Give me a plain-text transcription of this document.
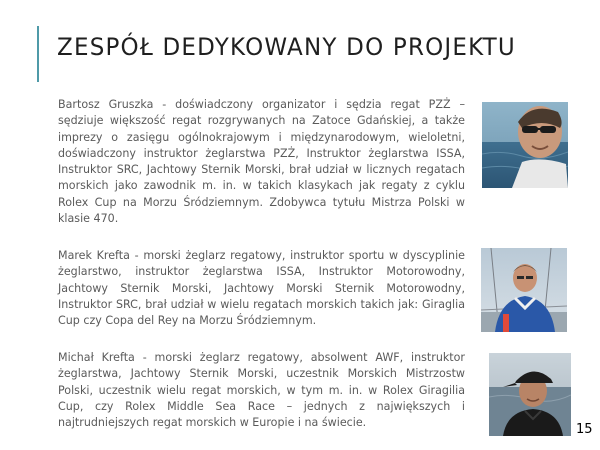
ZESPÓŁ DEDYKOWANY DO PROJEKTU

Bartosz Gruszka - doświadczony organizator i sędzia regat PZŻ – sędziuje większość regat rozgrywanych na Zatoce Gdańskiej, a także imprezy o zasięgu ogólnokrajowym i międzynarodowym, wieloletni, doświadczony instruktor żeglarstwa PZŻ, Instruktor żeglarstwa ISSA, Instruktor SRC, Jachtowy Sternik Morski, brał udział w licznych regatach morskich jako zawodnik m. in. w takich klasykach jak regaty z cyklu Rolex Cup na Morzu Śródziemnym. Zdobywca tytułu Mistrza Polski w klasie 470.

Marek Krefta - morski żeglarz regatowy, instruktor sportu w dyscyplinie żeglarstwo, instruktor żeglarstwa ISSA, Instruktor Motorowodny, Jachtowy Sternik Morski, Jachtowy Morski Sternik Motorowodny, Instruktor SRC, brał udział w wielu regatach morskich takich jak: Giraglia Cup czy Copa del Rey na Morzu Śródziemnym.

Michał Krefta - morski żeglarz regatowy, absolwent AWF, instruktor żeglarstwa, Jachtowy Sternik Morski, uczestnik Morskich Mistrzostw Polski, uczestnik wielu regat morskich, w tym m. in. w Rolex Giragilia Cup, czy Rolex Middle Sea Race – jednych z największych i najtrudniejszych regat morskich w Europie i na świecie.	15
